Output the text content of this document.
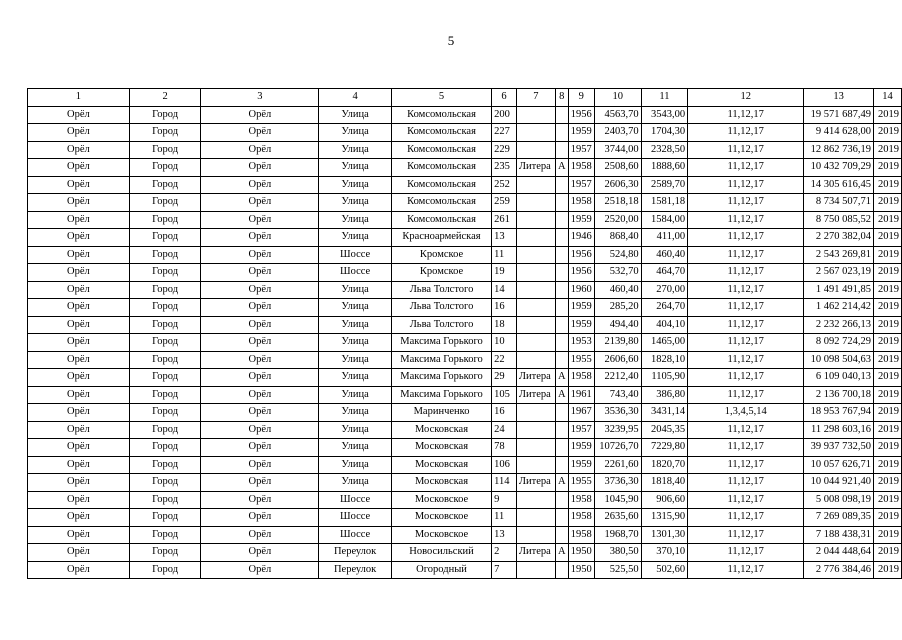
5
1	2	3	4	5	6	7	8	9	10	11	12	13	14
Орёл	Город	Орёл	Улица	Комсомольская	200			1956	4563,70	3543,00	11,12,17	19 571 687,49	2019
Орёл	Город	Орёл	Улица	Комсомольская	227			1959	2403,70	1704,30	11,12,17	9 414 628,00	2019
Орёл	Город	Орёл	Улица	Комсомольская	229			1957	3744,00	2328,50	11,12,17	12 862 736,19	2019
Орёл	Город	Орёл	Улица	Комсомольская	235	Литера	А	1958	2508,60	1888,60	11,12,17	10 432 709,29	2019
Орёл	Город	Орёл	Улица	Комсомольская	252			1957	2606,30	2589,70	11,12,17	14 305 616,45	2019
Орёл	Город	Орёл	Улица	Комсомольская	259			1958	2518,18	1581,18	11,12,17	8 734 507,71	2019
Орёл	Город	Орёл	Улица	Комсомольская	261			1959	2520,00	1584,00	11,12,17	8 750 085,52	2019
Орёл	Город	Орёл	Улица	Красноармейская	13			1946	868,40	411,00	11,12,17	2 270 382,04	2019
Орёл	Город	Орёл	Шоссе	Кромское	11			1956	524,80	460,40	11,12,17	2 543 269,81	2019
Орёл	Город	Орёл	Шоссе	Кромское	19			1956	532,70	464,70	11,12,17	2 567 023,19	2019
Орёл	Город	Орёл	Улица	Льва Толстого	14			1960	460,40	270,00	11,12,17	1 491 491,85	2019
Орёл	Город	Орёл	Улица	Льва Толстого	16			1959	285,20	264,70	11,12,17	1 462 214,42	2019
Орёл	Город	Орёл	Улица	Льва Толстого	18			1959	494,40	404,10	11,12,17	2 232 266,13	2019
Орёл	Город	Орёл	Улица	Максима Горького	10			1953	2139,80	1465,00	11,12,17	8 092 724,29	2019
Орёл	Город	Орёл	Улица	Максима Горького	22			1955	2606,60	1828,10	11,12,17	10 098 504,63	2019
Орёл	Город	Орёл	Улица	Максима Горького	29	Литера	А	1958	2212,40	1105,90	11,12,17	6 109 040,13	2019
Орёл	Город	Орёл	Улица	Максима Горького	105	Литера	А	1961	743,40	386,80	11,12,17	2 136 700,18	2019
Орёл	Город	Орёл	Улица	Маринченко	16			1967	3536,30	3431,14	1,3,4,5,14	18 953 767,94	2019
Орёл	Город	Орёл	Улица	Московская	24			1957	3239,95	2045,35	11,12,17	11 298 603,16	2019
Орёл	Город	Орёл	Улица	Московская	78			1959	10726,70	7229,80	11,12,17	39 937 732,50	2019
Орёл	Город	Орёл	Улица	Московская	106			1959	2261,60	1820,70	11,12,17	10 057 626,71	2019
Орёл	Город	Орёл	Улица	Московская	114	Литера	А	1955	3736,30	1818,40	11,12,17	10 044 921,40	2019
Орёл	Город	Орёл	Шоссе	Московское	9			1958	1045,90	906,60	11,12,17	5 008 098,19	2019
Орёл	Город	Орёл	Шоссе	Московское	11			1958	2635,60	1315,90	11,12,17	7 269 089,35	2019
Орёл	Город	Орёл	Шоссе	Московское	13			1958	1968,70	1301,30	11,12,17	7 188 438,31	2019
Орёл	Город	Орёл	Переулок	Новосильский	2	Литера	А	1950	380,50	370,10	11,12,17	2 044 448,64	2019
Орёл	Город	Орёл	Переулок	Огородный	7			1950	525,50	502,60	11,12,17	2 776 384,46	2019
